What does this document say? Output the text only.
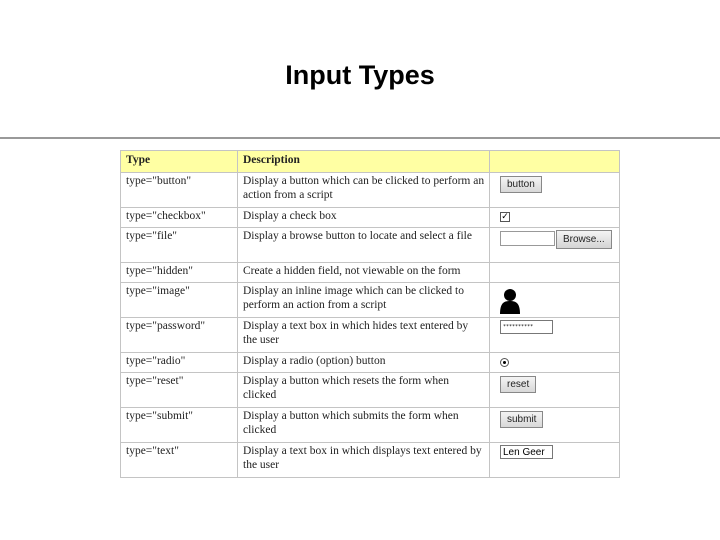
Input Types
Type	Description	
type="button"	Display a button which can be clicked to perform an action from a script	button

type="checkbox"	Display a check box	✓

type="file"	Display a browse button to locate and select a file	Browse...

type="hidden"	Create a hidden field, not viewable on the form	

type="image"	Display an inline image which can be clicked to perform an action from a script	

type="password"	Display a text box in which hides text entered by the user	**********

type="radio"	Display a radio (option) button	

type="reset"	Display a button which resets the form when clicked	reset

type="submit"	Display a button which submits the form when clicked	submit

type="text"	Display a text box in which displays text entered by the user	Len Geer
